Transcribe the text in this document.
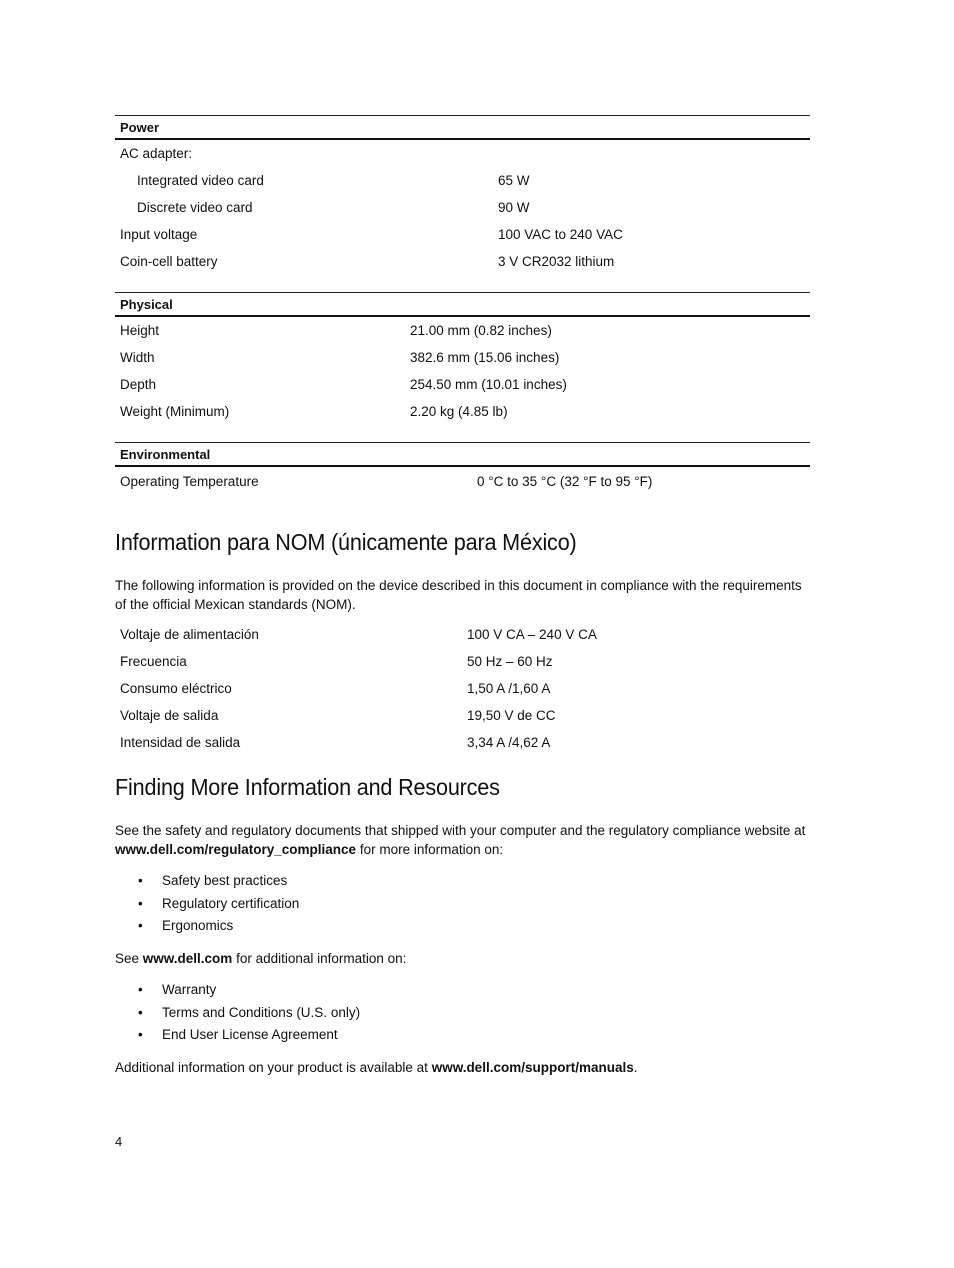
Power
AC adapter:
Integrated video card	65 W
Discrete video card	90 W
Input voltage	100 VAC to 240 VAC
Coin-cell battery	3 V CR2032 lithium
Physical
Height	21.00 mm (0.82 inches)
Width	382.6 mm (15.06 inches)
Depth	254.50 mm (10.01 inches)
Weight (Minimum)	2.20 kg (4.85 lb)
Environmental
Operating Temperature	0 °C to 35 °C (32 °F to 95 °F)
Information para NOM (únicamente para México)

The following information is provided on the device described in this document in compliance with the requirements of the official Mexican standards (NOM).

Voltaje de alimentación	100 V CA – 240 V CA
Frecuencia	50 Hz – 60 Hz
Consumo eléctrico	1,50 A /1,60 A
Voltaje de salida	19,50 V de CC
Intensidad de salida	3,34 A /4,62 A
Finding More Information and Resources

See the safety and regulatory documents that shipped with your computer and the regulatory compliance website at www.dell.com/regulatory_compliance for more information on:

• Safety best practices
• Regulatory certification
• Ergonomics

See www.dell.com for additional information on:

• Warranty
• Terms and Conditions (U.S. only)
• End User License Agreement

Additional information on your product is available at www.dell.com/support/manuals.

4
